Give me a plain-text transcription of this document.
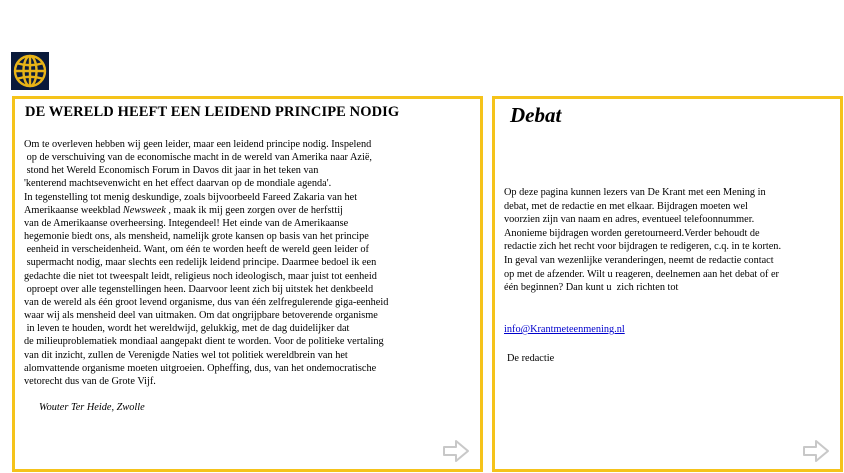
DE WERELD HEEFT EEN LEIDEND PRINCIPE NODIG
Om te overleven hebben wij geen leider, maar een leidend principe nodig. Inspelend
op de verschuiving van de economische macht in de wereld van Amerika naar Azië,
stond het Wereld Economisch Forum in Davos dit jaar in het teken van
'kenterend machtsevenwicht en het effect daarvan op de mondiale agenda'.
In tegenstelling tot menig deskundige, zoals bijvoorbeeld Fareed Zakaria van het
Amerikaanse weekblad Newsweek , maak ik mij geen zorgen over de herfsttij
van de Amerikaanse overheersing. Integendeel! Het einde van de Amerikaanse
hegemonie biedt ons, als mensheid, namelijk grote kansen op basis van het principe
eenheid in verscheidenheid. Want, om één te worden heeft de wereld geen leider of
supermacht nodig, maar slechts een redelijk leidend principe. Daarmee bedoel ik een
gedachte die niet tot tweespalt leidt, religieus noch ideologisch, maar juist tot eenheid
oproept over alle tegenstellingen heen. Daarvoor leent zich bij uitstek het denkbeeld
van de wereld als één groot levend organisme, dus van één zelfregulerende giga-eenheid
waar wij als mensheid deel van uitmaken. Om dat ongrijpbare betoverende organisme
in leven te houden, wordt het wereldwijd, gelukkig, met de dag duidelijker dat
de milieuproblematiek mondiaal aangepakt dient te worden. Voor de politieke vertaling
van dit inzicht, zullen de Verenigde Naties wel tot politiek wereldbrein van het
alomvattende organisme moeten uitgroeien. Opheffing, dus, van het ondemocratische
vetorecht dus van de Grote Vijf.
Wouter Ter Heide, Zwolle
Debat
Op deze pagina kunnen lezers van De Krant met een Mening in
debat, met de redactie en met elkaar. Bijdragen moeten wel
voorzien zijn van naam en adres, eventueel telefoonnummer.
Anonieme bijdragen worden geretourneerd.Verder behoudt de
redactie zich het recht voor bijdragen te redigeren, c.q. in te korten.
In geval van wezenlijke veranderingen, neemt de redactie contact
op met de afzender. Wilt u reageren, deelnemen aan het debat of er
één beginnen? Dan kunt u  zich richten tot
info@Krantmeteenmening.nl
De redactie
